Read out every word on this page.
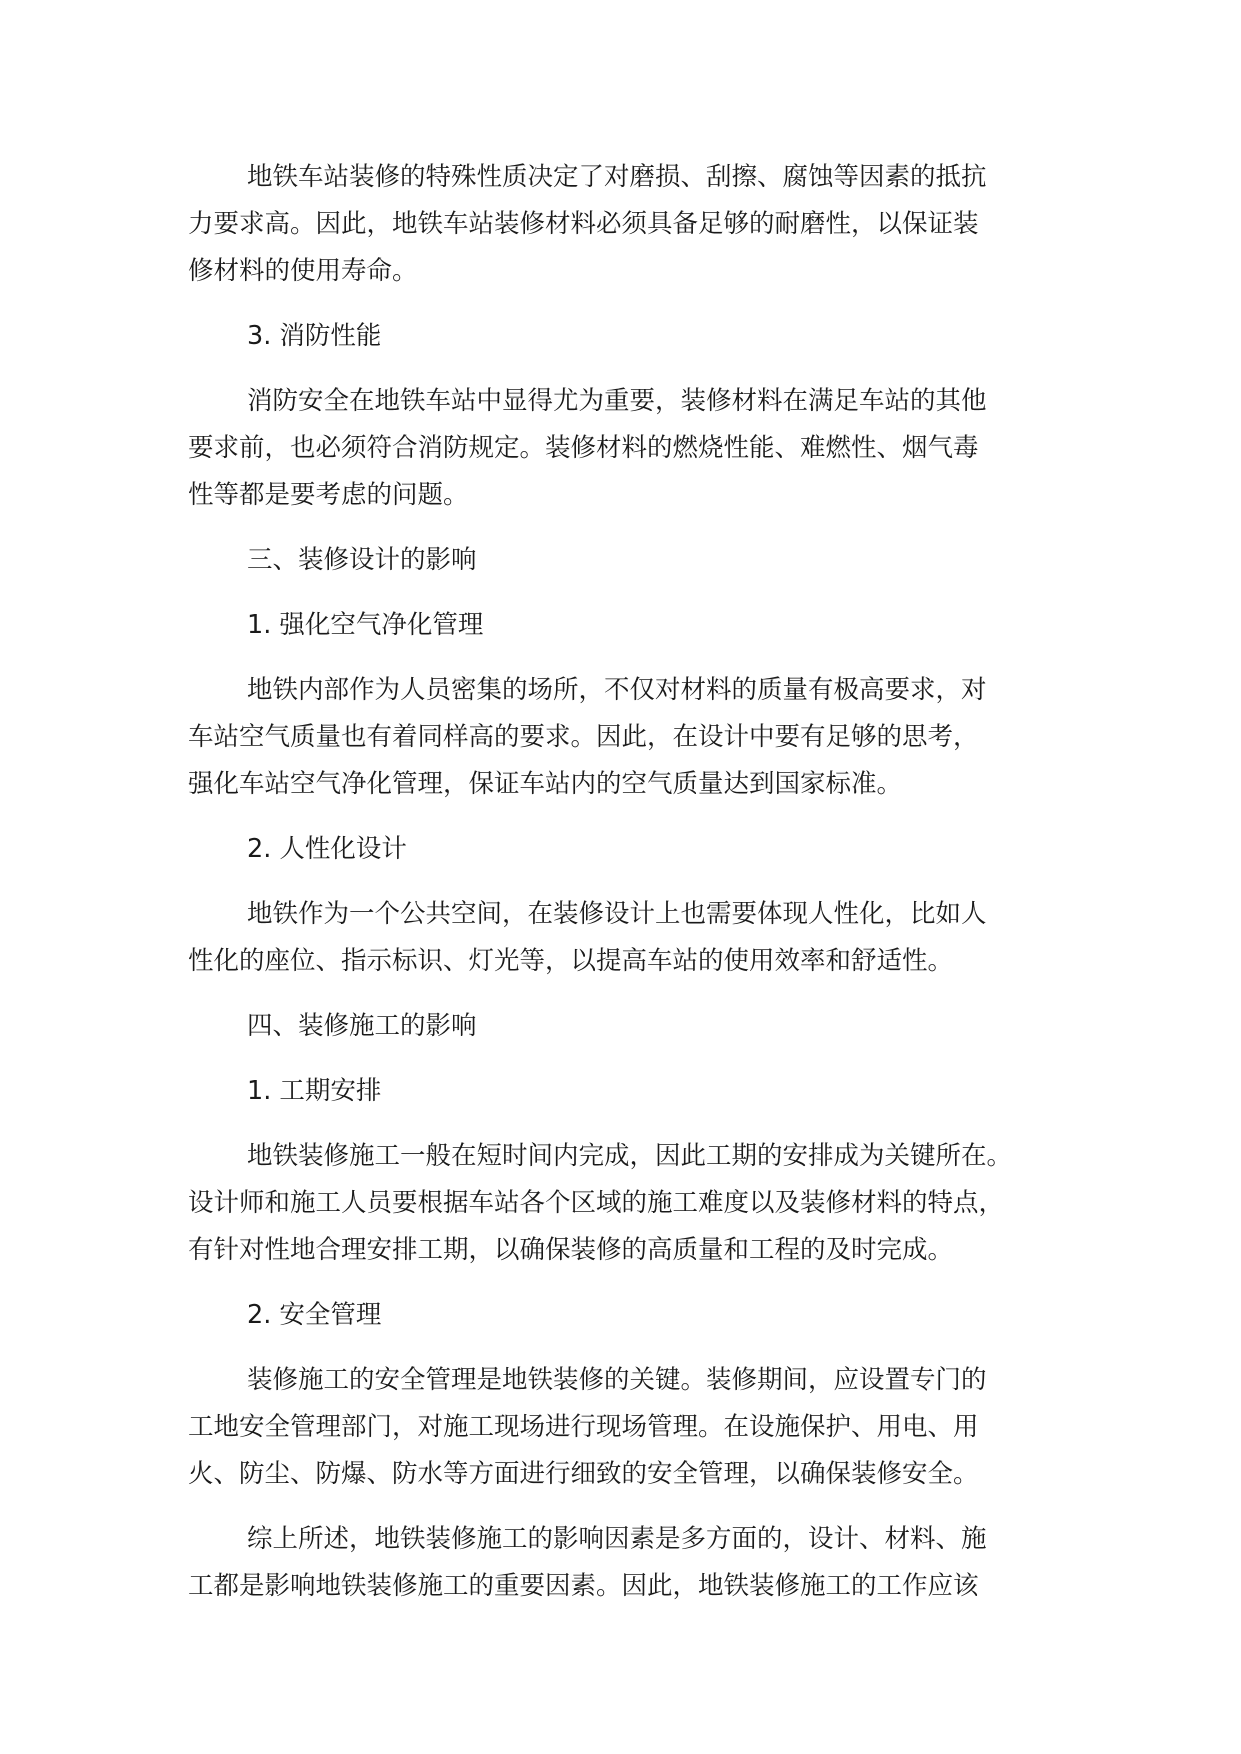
地铁车站装修的特殊性质决定了对磨损、刮擦、腐蚀等因素的抵抗
力要求高。因此，地铁车站装修材料必须具备足够的耐磨性，以保证装
修材料的使用寿命。
3. 消防性能
消防安全在地铁车站中显得尤为重要，装修材料在满足车站的其他
要求前，也必须符合消防规定。装修材料的燃烧性能、难燃性、烟气毒
性等都是要考虑的问题。
三、装修设计的影响
1. 强化空气净化管理
地铁内部作为人员密集的场所，不仅对材料的质量有极高要求，对
车站空气质量也有着同样高的要求。因此，在设计中要有足够的思考，
强化车站空气净化管理，保证车站内的空气质量达到国家标准。
2. 人性化设计
地铁作为一个公共空间，在装修设计上也需要体现人性化，比如人
性化的座位、指示标识、灯光等，以提高车站的使用效率和舒适性。
四、装修施工的影响
1. 工期安排
地铁装修施工一般在短时间内完成，因此工期的安排成为关键所在。
设计师和施工人员要根据车站各个区域的施工难度以及装修材料的特点，
有针对性地合理安排工期，以确保装修的高质量和工程的及时完成。
2. 安全管理
装修施工的安全管理是地铁装修的关键。装修期间，应设置专门的
工地安全管理部门，对施工现场进行现场管理。在设施保护、用电、用
火、防尘、防爆、防水等方面进行细致的安全管理，以确保装修安全。
综上所述，地铁装修施工的影响因素是多方面的，设计、材料、施
工都是影响地铁装修施工的重要因素。因此，地铁装修施工的工作应该
